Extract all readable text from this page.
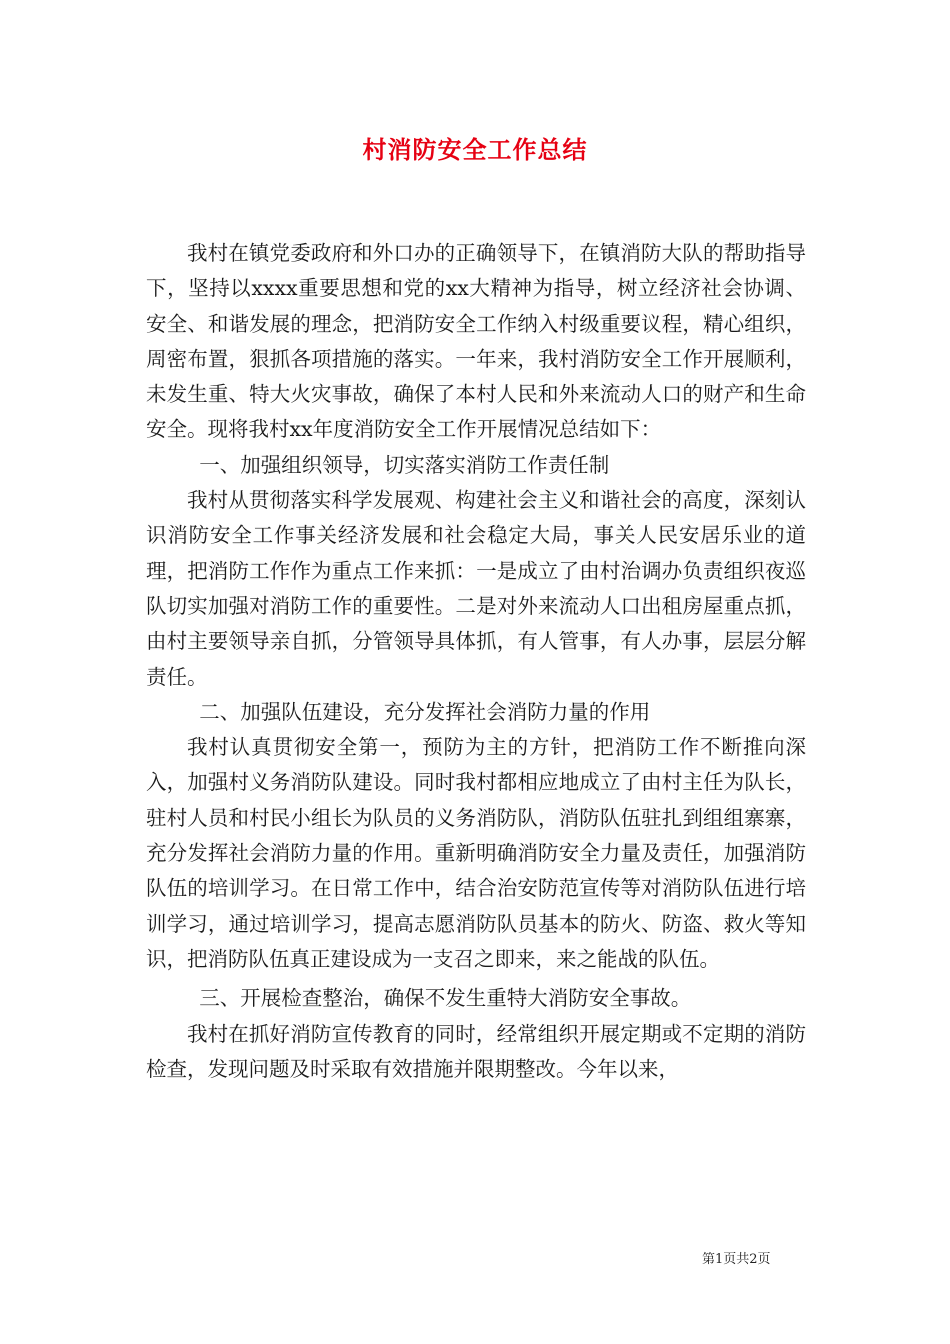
村消防安全工作总结

我村在镇党委政府和外口办的正确领导下，在镇消防大队的帮助指导下，坚持以xxxx重要思想和党的xx大精神为指导，树立经济社会协调、安全、和谐发展的理念，把消防安全工作纳入村级重要议程，精心组织，周密布置，狠抓各项措施的落实。一年来，我村消防安全工作开展顺利，未发生重、特大火灾事故，确保了本村人民和外来流动人口的财产和生命安全。现将我村xx年度消防安全工作开展情况总结如下：

一、加强组织领导，切实落实消防工作责任制

我村从贯彻落实科学发展观、构建社会主义和谐社会的高度，深刻认识消防安全工作事关经济发展和社会稳定大局，事关人民安居乐业的道理，把消防工作作为重点工作来抓：一是成立了由村治调办负责组织夜巡队切实加强对消防工作的重要性。二是对外来流动人口出租房屋重点抓，由村主要领导亲自抓，分管领导具体抓，有人管事，有人办事，层层分解责任。

二、加强队伍建设，充分发挥社会消防力量的作用

我村认真贯彻安全第一，预防为主的方针，把消防工作不断推向深入，加强村义务消防队建设。同时我村都相应地成立了由村主任为队长，驻村人员和村民小组长为队员的义务消防队，消防队伍驻扎到组组寨寨，充分发挥社会消防力量的作用。重新明确消防安全力量及责任，加强消防队伍的培训学习。在日常工作中，结合治安防范宣传等对消防队伍进行培训学习，通过培训学习，提高志愿消防队员基本的防火、防盗、救火等知识，把消防队伍真正建设成为一支召之即来，来之能战的队伍。

三、开展检查整治，确保不发生重特大消防安全事故。

我村在抓好消防宣传教育的同时，经常组织开展定期或不定期的消防检查，发现问题及时采取有效措施并限期整改。今年以来，

第1页共2页
